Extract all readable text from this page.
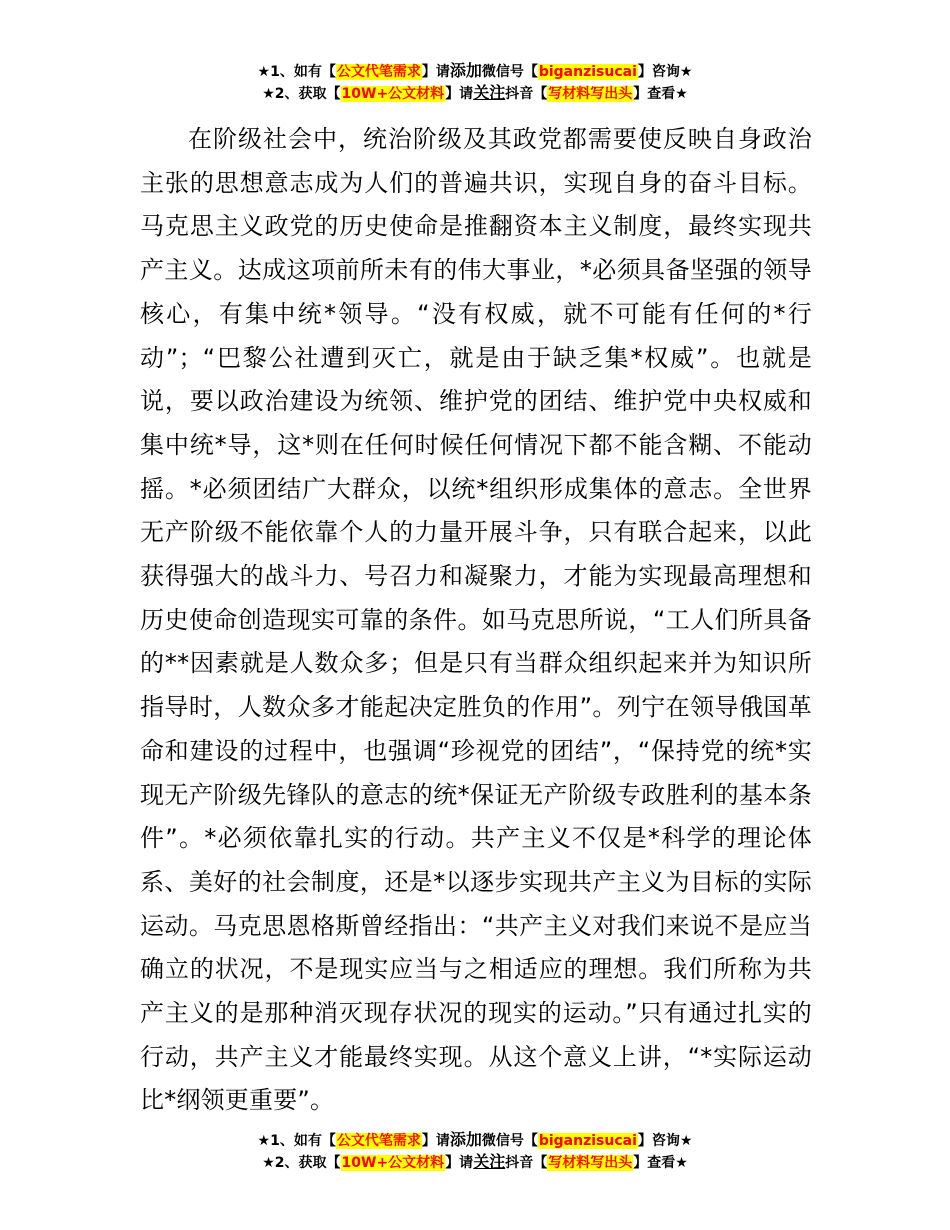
★1、如有【公文代笔需求】请添加微信号【biganzisucai】咨询★
★2、获取【10W+公文材料】请关注抖音【写材料写出头】查看★

在阶级社会中，统治阶级及其政党都需要使反映自身政治主张的思想意志成为人们的普遍共识，实现自身的奋斗目标。马克思主义政党的历史使命是推翻资本主义制度，最终实现共产主义。达成这项前所未有的伟大事业，*必须具备坚强的领导核心，有集中统*领导。“没有权威，就不可能有任何的*行动”；“巴黎公社遭到灭亡，就是由于缺乏集*权威”。也就是说，要以政治建设为统领、维护党的团结、维护党中央权威和集中统*导，这*则在任何时候任何情况下都不能含糊、不能动摇。*必须团结广大群众，以统*组织形成集体的意志。全世界无产阶级不能依靠个人的力量开展斗争，只有联合起来，以此获得强大的战斗力、号召力和凝聚力，才能为实现最高理想和历史使命创造现实可靠的条件。如马克思所说，“工人们所具备的**因素就是人数众多；但是只有当群众组织起来并为知识所指导时，人数众多才能起决定胜负的作用”。列宁在领导俄国革命和建设的过程中，也强调“珍视党的团结”，“保持党的统*实现无产阶级先锋队的意志的统*保证无产阶级专政胜利的基本条件”。*必须依靠扎实的行动。共产主义不仅是*科学的理论体系、美好的社会制度，还是*以逐步实现共产主义为目标的实际运动。马克思恩格斯曾经指出：“共产主义对我们来说不是应当确立的状况，不是现实应当与之相适应的理想。我们所称为共产主义的是那种消灭现存状况的现实的运动。”只有通过扎实的行动，共产主义才能最终实现。从这个意义上讲，“*实际运动比*纲领更重要”。

★1、如有【公文代笔需求】请添加微信号【biganzisucai】咨询★
★2、获取【10W+公文材料】请关注抖音【写材料写出头】查看★
